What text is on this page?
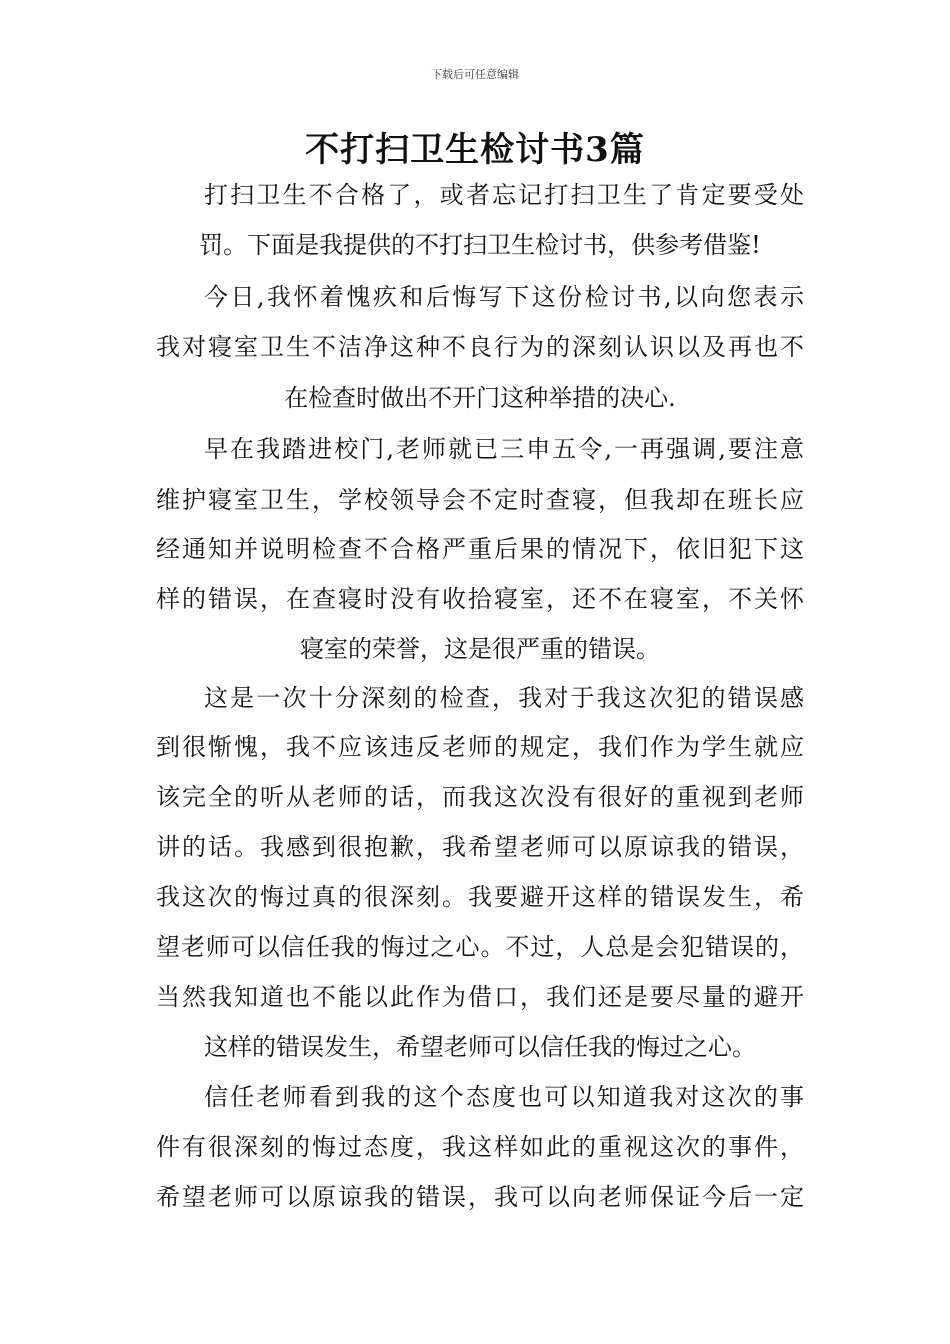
下载后可任意编辑
不打扫卫生检讨书3篇
打扫卫生不合格了，或者忘记打扫卫生了肯定要受处
罚。下面是我提供的不打扫卫生检讨书，供参考借鉴!
今日,我怀着愧疚和后悔写下这份检讨书,以向您表示
我对寝室卫生不洁净这种不良行为的深刻认识以及再也不
在检查时做出不开门这种举措的决心.
早在我踏进校门,老师就已三申五令,一再强调,要注意
维护寝室卫生，学校领导会不定时查寝，但我却在班长应
经通知并说明检查不合格严重后果的情况下，依旧犯下这
样的错误，在查寝时没有收拾寝室，还不在寝室，不关怀
寝室的荣誉，这是很严重的错误。
这是一次十分深刻的检查，我对于我这次犯的错误感
到很惭愧，我不应该违反老师的规定，我们作为学生就应
该完全的听从老师的话，而我这次没有很好的重视到老师
讲的话。我感到很抱歉，我希望老师可以原谅我的错误，
我这次的悔过真的很深刻。我要避开这样的错误发生，希
望老师可以信任我的悔过之心。不过，人总是会犯错误的，
当然我知道也不能以此作为借口，我们还是要尽量的避开
这样的错误发生，希望老师可以信任我的悔过之心。
信任老师看到我的这个态度也可以知道我对这次的事
件有很深刻的悔过态度，我这样如此的重视这次的事件，
希望老师可以原谅我的错误，我可以向老师保证今后一定
